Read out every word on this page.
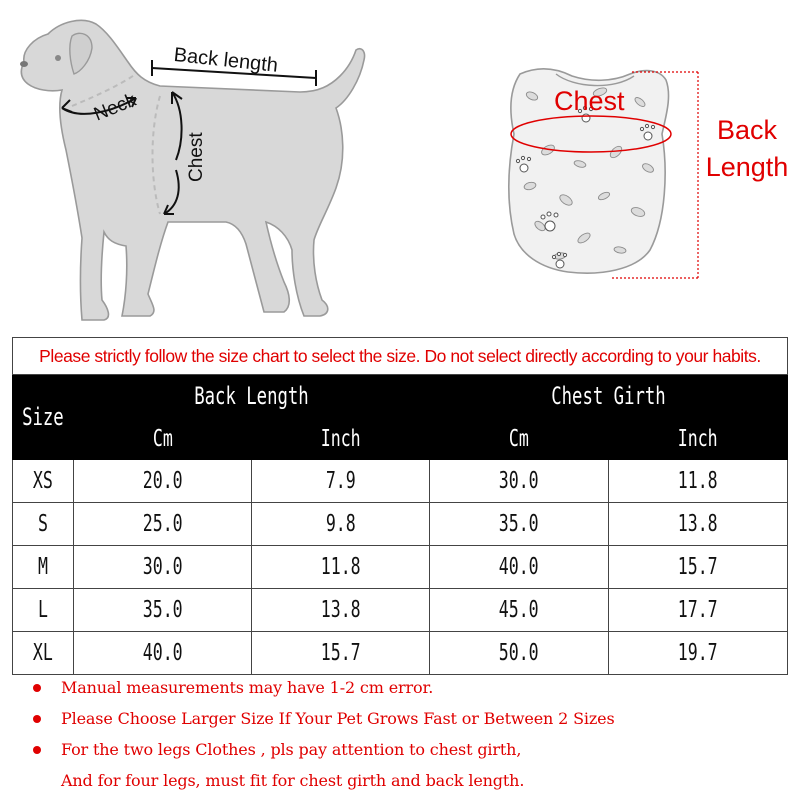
Back length
Neck
Chest
Chest
Back
Length
Please strictly follow the size chart to select the size. Do not select directly according to your habits.				
Size	Back Length		Chest Girth	
	Cm	Inch	Cm	Inch
XS	20.0	7.9	30.0	11.8
S	25.0	9.8	35.0	13.8
M	30.0	11.8	40.0	15.7
L	35.0	13.8	45.0	17.7
XL	40.0	15.7	50.0	19.7
Manual measurements may have 1-2 cm error.
Please Choose Larger Size If Your Pet Grows Fast or Between 2 Sizes
For the two legs Clothes , pls pay attention to chest girth,
And for four legs, must fit for chest girth and back length.
